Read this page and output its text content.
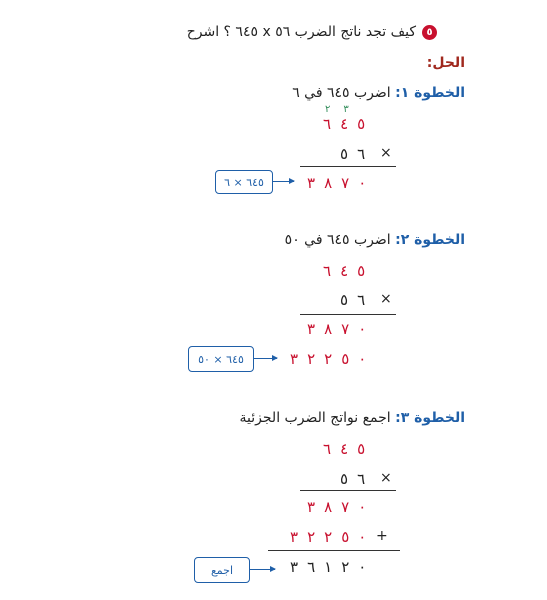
٥
كيف تجد ناتج الضرب ٥٦ x ٦٤٥ ؟ اشرح
الحل:
الخطوة ١: اضرب ٦٤٥ في ٦
٢ ٣
٦ ٤ ٥
٥ ٦ ×
٣ ٨ ٧ ٠
٦٤٥ × ٦
الخطوة ٢: اضرب ٦٤٥ في ٥٠
٦ ٤ ٥
٥ ٦ ×
٣ ٨ ٧ ٠
٣ ٢ ٢ ٥ ٠
٦٤٥ × ٥٠
الخطوة ٣: اجمع نواتج الضرب الجزئية
٦ ٤ ٥
٥ ٦ ×
٣ ٨ ٧ ٠
٣ ٢ ٢ ٥ ٠ +
٣ ٦ ١ ٢ ٠
اجمع
